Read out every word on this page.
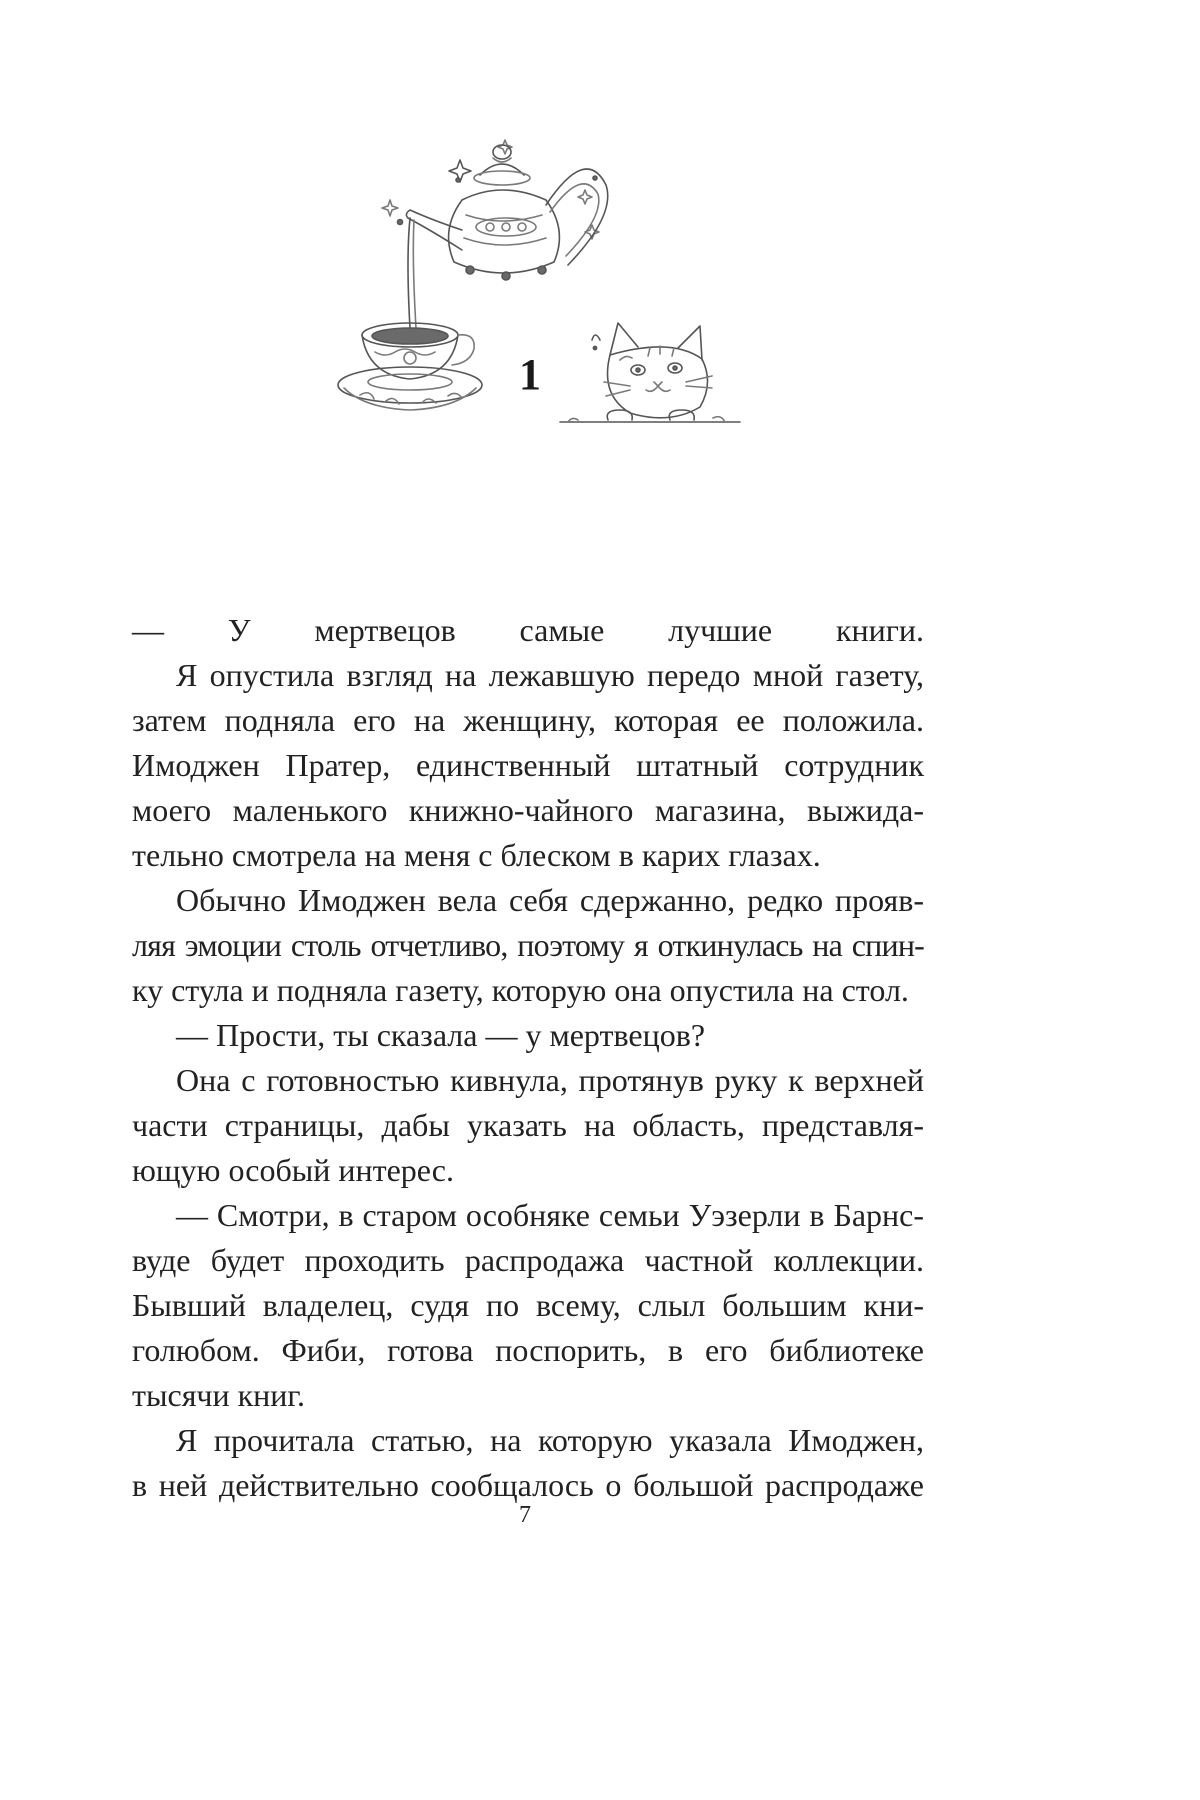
1
— У мертвецов самые лучшие книги.
Я опустила взгляд на лежавшую передо мной газету,
затем подняла его на женщину, которая ее положила.
Имоджен Пратер, единственный штатный сотрудник
моего маленького книжно-чайного магазина, выжида-
тельно смотрела на меня с блеском в карих глазах.
Обычно Имоджен вела себя сдержанно, редко прояв-
ляя эмоции столь отчетливо, поэтому я откинулась на спин-
ку стула и подняла газету, которую она опустила на стол.
— Прости, ты сказала — у мертвецов?
Она с готовностью кивнула, протянув руку к верхней
части страницы, дабы указать на область, представля-
ющую особый интерес.
— Смотри, в старом особняке семьи Уэзерли в Барнс-
вуде будет проходить распродажа частной коллекции.
Бывший владелец, судя по всему, слыл большим кни-
голюбом. Фиби, готова поспорить, в его библиотеке
тысячи книг.
Я прочитала статью, на которую указала Имоджен,
в ней действительно сообщалось о большой распродаже
7
